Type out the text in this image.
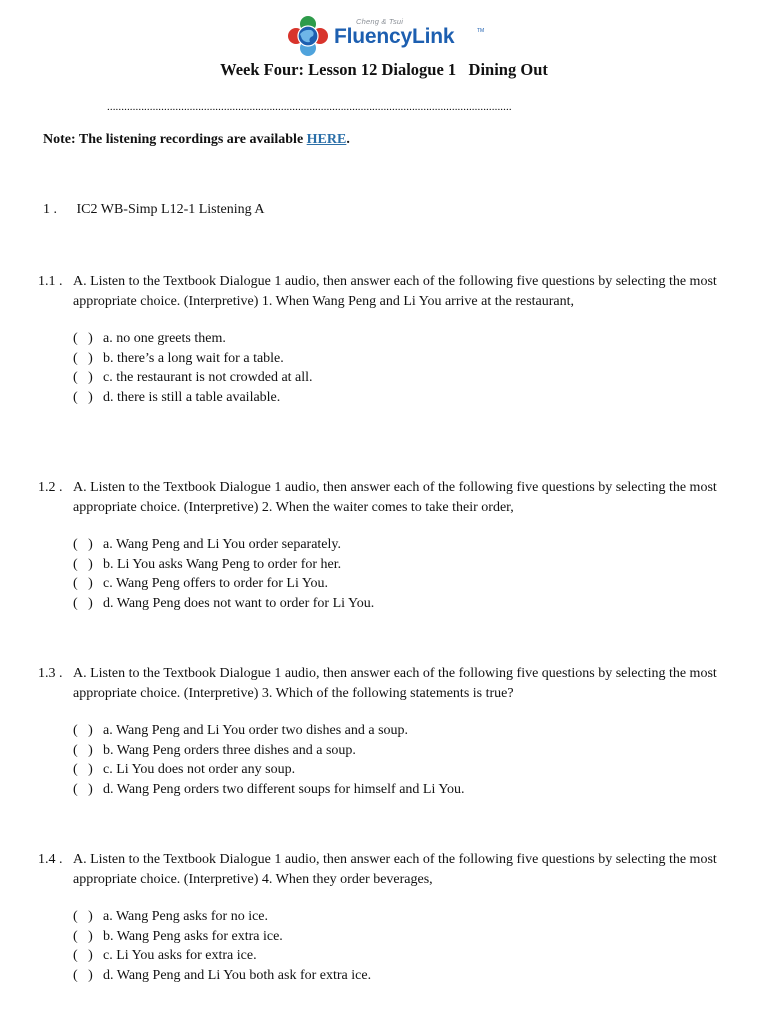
Cheng & Tsui
FluencyLink	TM
Week Four: Lesson 12 Dialogue 1   Dining Out
..............................................................................................................................................
Note: The listening recordings are available HERE.
1 . IC2 WB-Simp L12-1 Listening A
1.1 . A. Listen to the Textbook Dialogue 1 audio, then answer each of the following five questions by selecting the most appropriate choice. (Interpretive) 1. When Wang Peng and Li You arrive at the restaurant,
(   ) a. no one greets them.
(   ) b. there’s a long wait for a table.
(   ) c. the restaurant is not crowded at all.
(   ) d. there is still a table available.
1.2 . A. Listen to the Textbook Dialogue 1 audio, then answer each of the following five questions by selecting the most appropriate choice. (Interpretive) 2. When the waiter comes to take their order,
(   ) a. Wang Peng and Li You order separately.
(   ) b. Li You asks Wang Peng to order for her.
(   ) c. Wang Peng offers to order for Li You.
(   ) d. Wang Peng does not want to order for Li You.
1.3 . A. Listen to the Textbook Dialogue 1 audio, then answer each of the following five questions by selecting the most appropriate choice. (Interpretive) 3. Which of the following statements is true?
(   ) a. Wang Peng and Li You order two dishes and a soup.
(   ) b. Wang Peng orders three dishes and a soup.
(   ) c. Li You does not order any soup.
(   ) d. Wang Peng orders two different soups for himself and Li You.
1.4 . A. Listen to the Textbook Dialogue 1 audio, then answer each of the following five questions by selecting the most appropriate choice. (Interpretive) 4. When they order beverages,
(   ) a. Wang Peng asks for no ice.
(   ) b. Wang Peng asks for extra ice.
(   ) c. Li You asks for extra ice.
(   ) d. Wang Peng and Li You both ask for extra ice.
